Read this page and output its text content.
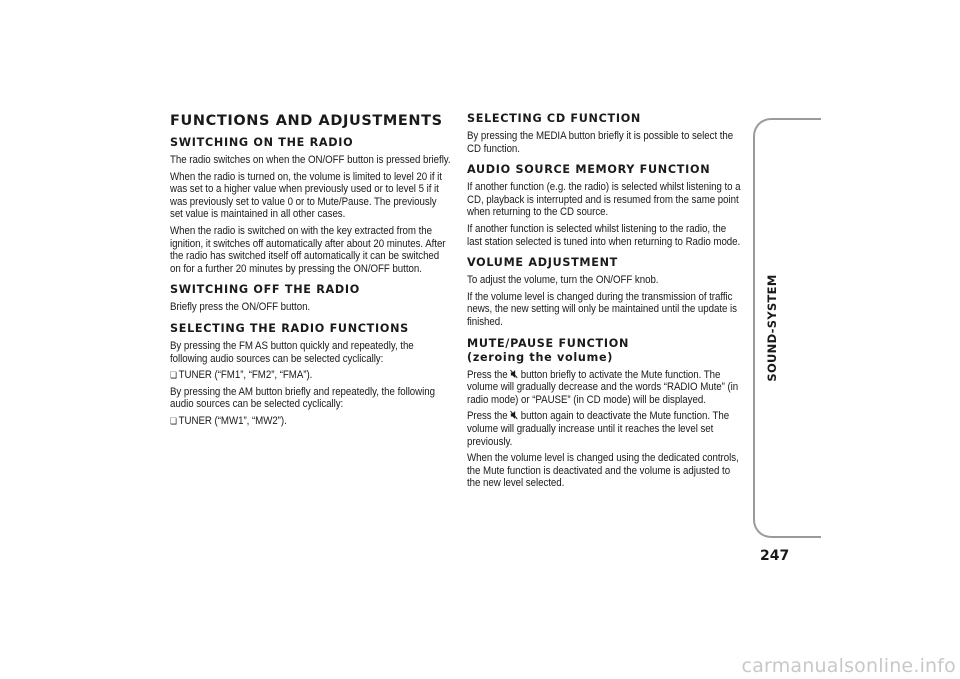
FUNCTIONS AND ADJUSTMENTS
SWITCHING ON THE RADIO

The radio switches on when the ON/OFF button is pressed briefly.

When the radio is turned on, the volume is limited to level 20 if it was set to a higher value when previously used or to level 5 if it was previously set to value 0 or to Mute/Pause. The previously set value is maintained in all other cases.

When the radio is switched on with the key extracted from the ignition, it switches off automatically after about 20 minutes. After the radio has switched itself off automatically it can be switched on for a further 20 minutes by pressing the ON/OFF button.

SWITCHING OFF THE RADIO

Briefly press the ON/OFF button.

SELECTING THE RADIO FUNCTIONS

By pressing the FM AS button quickly and repeatedly, the following audio sources can be selected cyclically:

❏ TUNER (“FM1”, “FM2”, “FMA”).

By pressing the AM button briefly and repeatedly, the following audio sources can be selected cyclically:

❏ TUNER (“MW1”, “MW2”).

SELECTING CD FUNCTION

By pressing the MEDIA button briefly it is possible to select the CD function.

AUDIO SOURCE MEMORY FUNCTION

If another function (e.g. the radio) is selected whilst listening to a CD, playback is interrupted and is resumed from the same point when returning to the CD source.

If another function is selected whilst listening to the radio, the last station selected is tuned into when returning to Radio mode.

VOLUME ADJUSTMENT

To adjust the volume, turn the ON/OFF knob.

If the volume level is changed during the transmission of traffic news, the new setting will only be maintained until the update is finished.

MUTE/PAUSE FUNCTION
(zeroing the volume)

Press the  button briefly to activate the Mute function. The volume will gradually decrease and the words “RADIO Mute” (in radio mode) or “PAUSE” (in CD mode) will be displayed.

Press the  button again to deactivate the Mute function. The volume will gradually increase until it reaches the level set previously.

When the volume level is changed using the dedicated controls, the Mute function is deactivated and the volume is adjusted to the new level selected.

SOUND-SYSTEM
247
carmanualsonline.info
